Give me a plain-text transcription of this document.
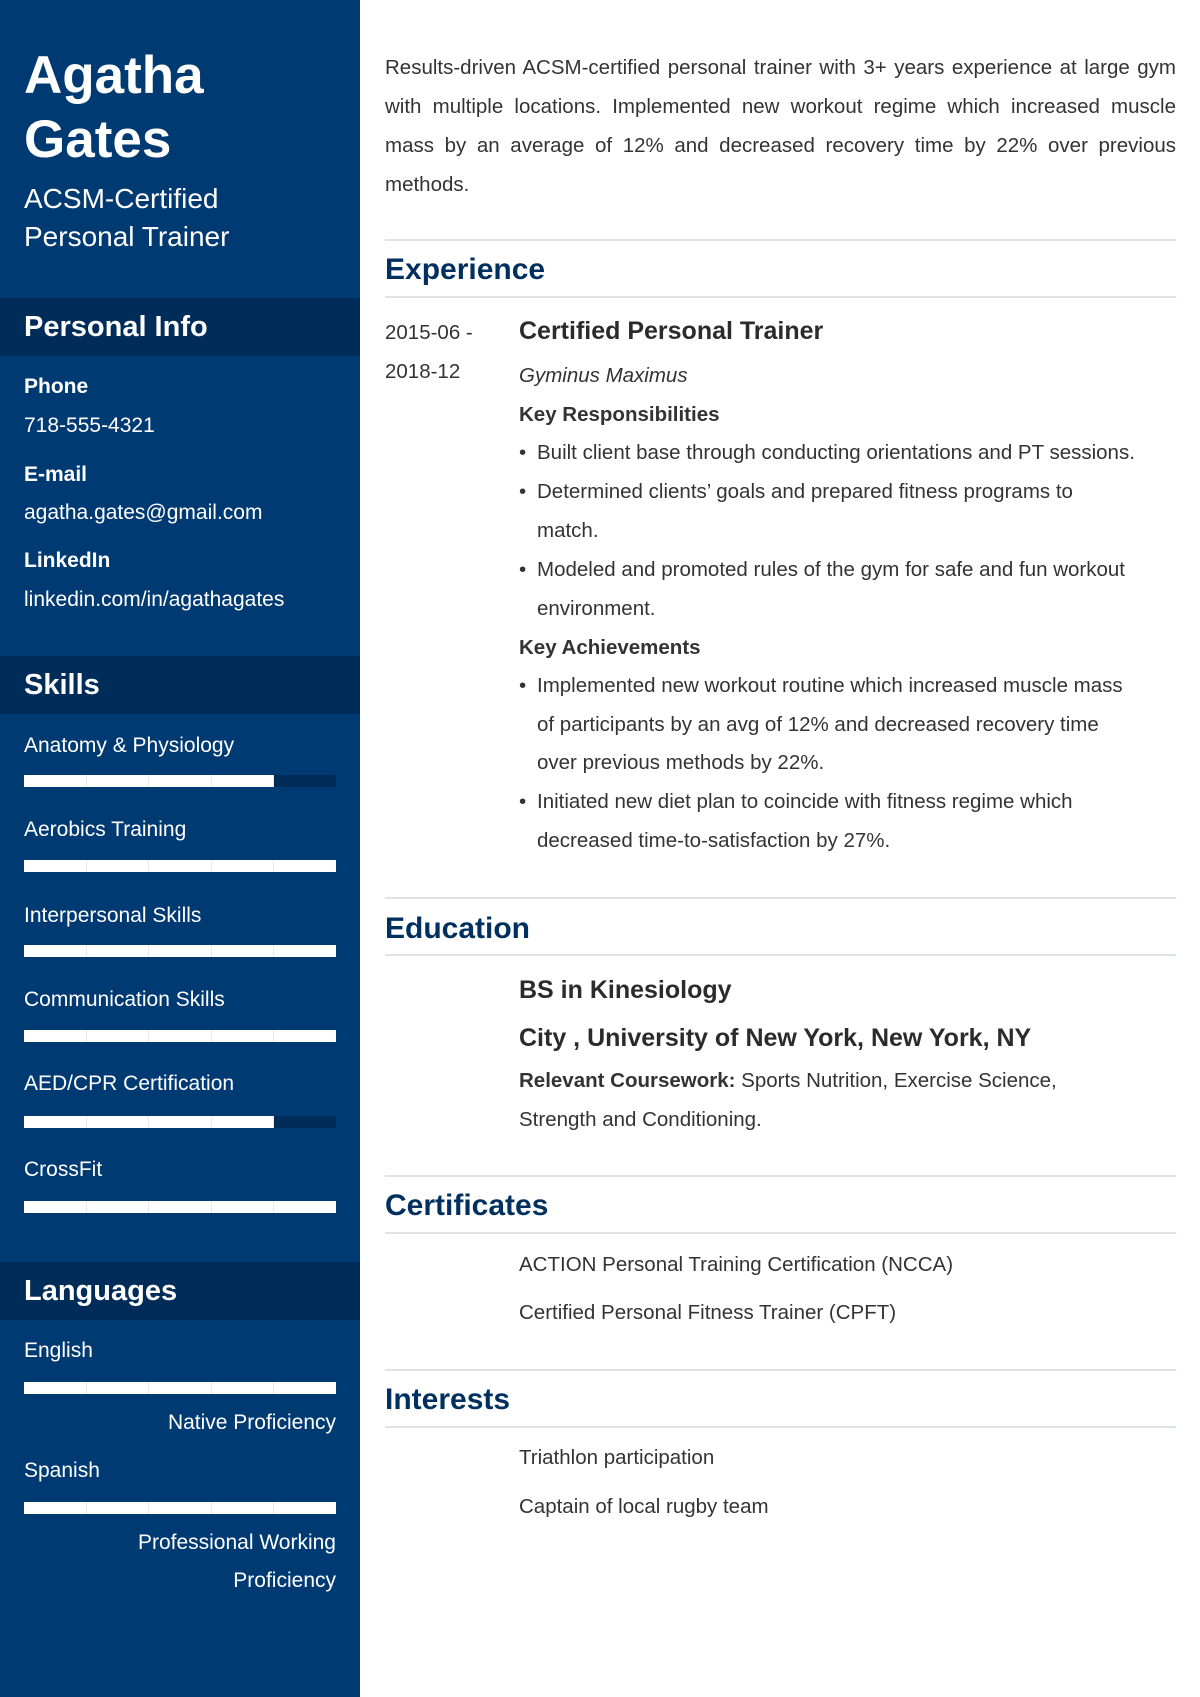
Agatha
Gates
ACSM-Certified
Personal Trainer
Personal Info
Phone
718-555-4321
E-mail
agatha.gates@gmail.com
LinkedIn
linkedin.com/in/agathagates
Skills
Anatomy & Physiology
Aerobics Training
Interpersonal Skills
Communication Skills
AED/CPR Certification
CrossFit
Languages
English
Native Proficiency
Spanish
Professional Working
Proficiency
Results-driven ACSM-certified personal trainer with 3+ years experience at large gym with multiple locations. Implemented new workout regime which increased muscle mass by an average of 12% and decreased recovery time by 22% over previous methods.
Experience
2015-06 -
2018-12
Certified Personal Trainer
Gyminus Maximus
Key Responsibilities
• Built client base through conducting orientations and PT sessions.
• Determined clients’ goals and prepared fitness programs to
match.
• Modeled and promoted rules of the gym for safe and fun workout
environment.
Key Achievements
• Implemented new workout routine which increased muscle mass
of participants by an avg of 12% and decreased recovery time
over previous methods by 22%.
• Initiated new diet plan to coincide with fitness regime which
decreased time-to-satisfaction by 27%.
Education
BS in Kinesiology
City , University of New York, New York, NY
Relevant Coursework: Sports Nutrition, Exercise Science,
Strength and Conditioning.
Certificates
ACTION Personal Training Certification (NCCA)
Certified Personal Fitness Trainer (CPFT)
Interests
Triathlon participation
Captain of local rugby team
